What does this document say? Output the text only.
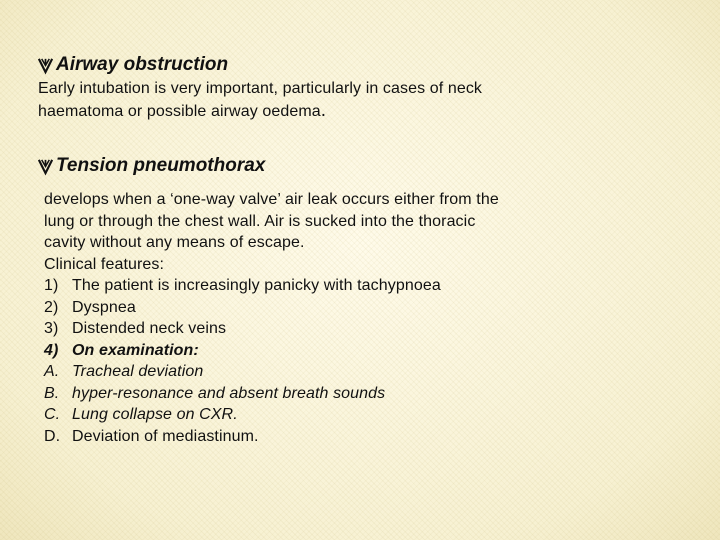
Airway obstruction
Early intubation is very important, particularly in cases of neck
haematoma or possible airway oedema.
Tension pneumothorax
develops when a ‘one-way valve’ air leak occurs either from the
lung or through the chest wall. Air is sucked into the thoracic
cavity without any means of escape.
Clinical features:
1) The patient is increasingly panicky with tachypnoea
2) Dyspnea
3) Distended neck veins
4) On examination:
A. Tracheal deviation
B. hyper-resonance and absent breath sounds
C. Lung collapse on CXR.
D. Deviation of mediastinum.
